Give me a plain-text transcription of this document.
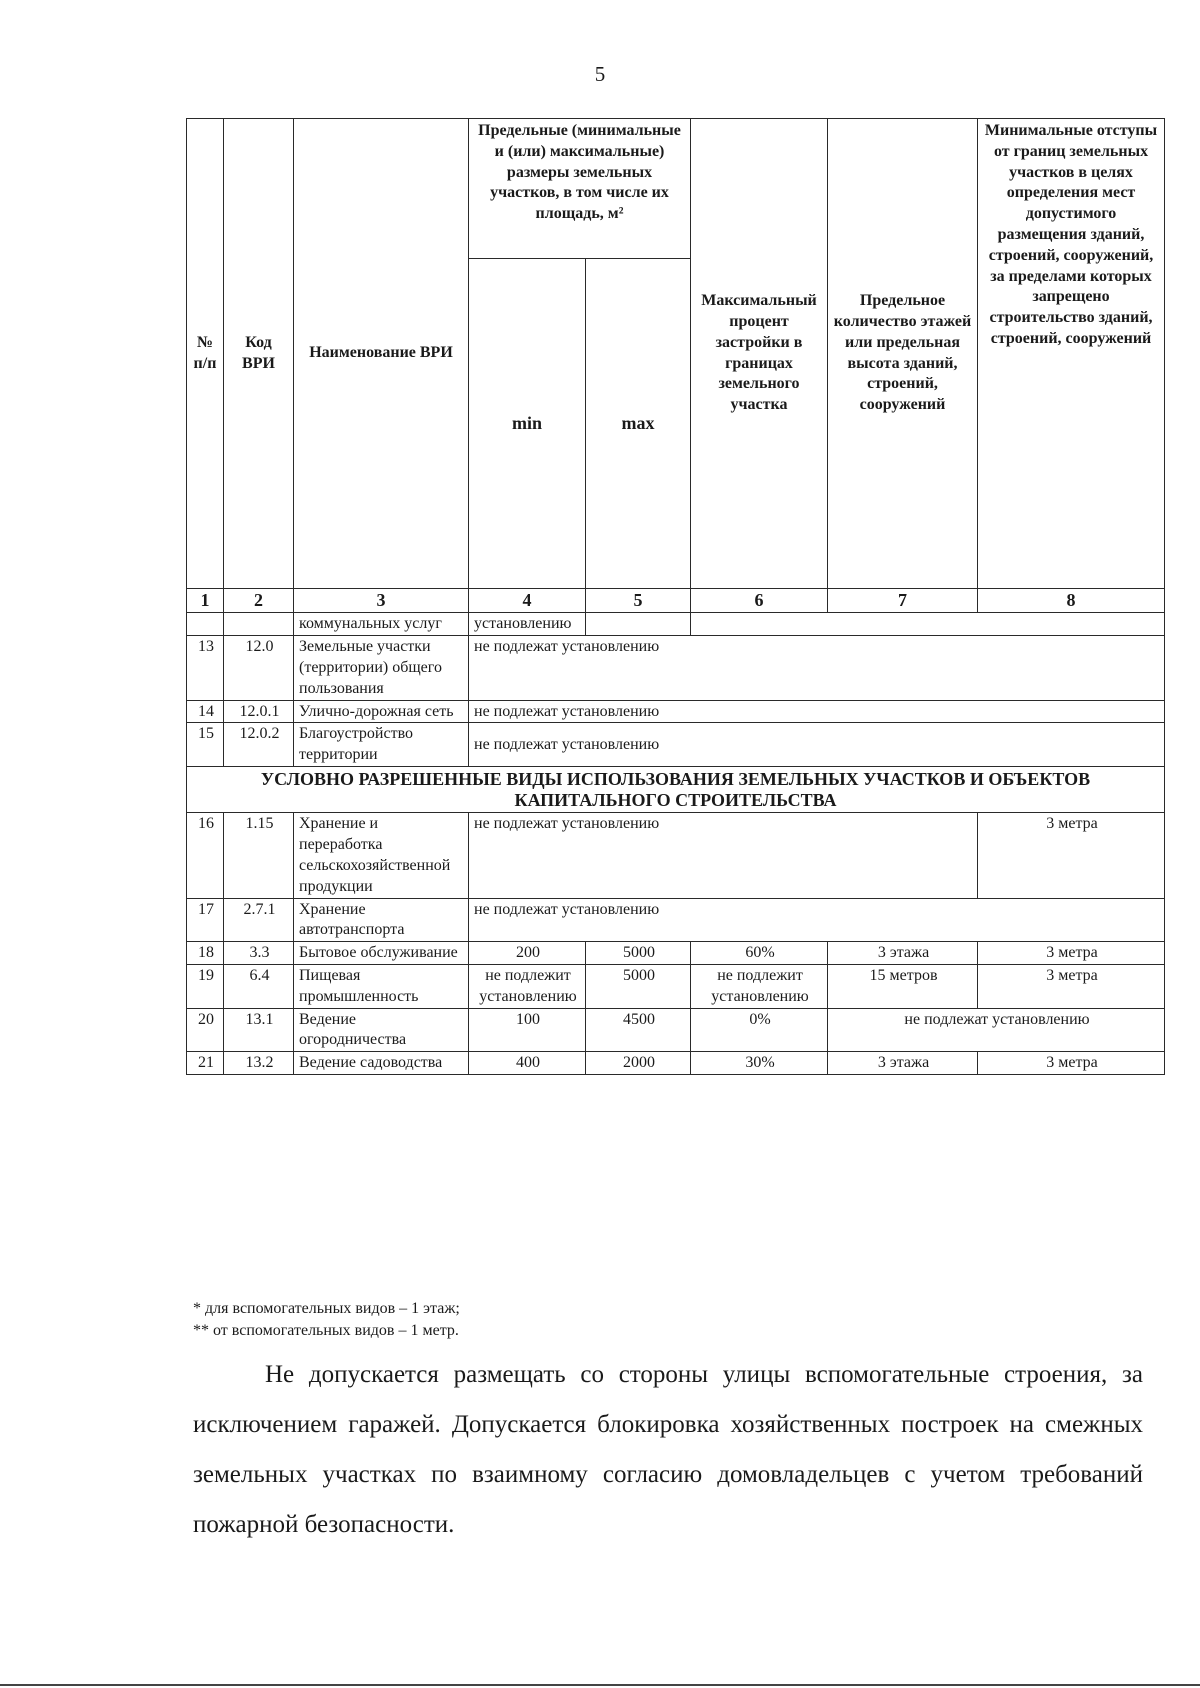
5
№ п/п	Код ВРИ	Наименование ВРИ	Предельные (минимальные и (или) максимальные) размеры земельных участков, в том числе их площадь, м²		Максимальный процент застройки в границах земельного участка	Предельное количество этажей или предельная высота зданий, строений, сооружений	Минимальные отступы от границ земельных участков в целях определения мест допустимого размещения зданий, строений, сооружений, за пределами которых запрещено строительство зданий, строений, сооружений
			min	max			
1	2	3	4	5	6	7	8
		коммунальных услуг	установлению				
13	12.0	Земельные участки (территории) общего пользования	не подлежат установлению				
14	12.0.1	Улично-дорожная сеть	не подлежат установлению				
15	12.0.2	Благоустройство территории	не подлежат установлению				
УСЛОВНО РАЗРЕШЕННЫЕ ВИДЫ ИСПОЛЬЗОВАНИЯ ЗЕМЕЛЬНЫХ УЧАСТКОВ И ОБЪЕКТОВ КАПИТАЛЬНОГО СТРОИТЕЛЬСТВА							
16	1.15	Хранение и переработка сельскохозяйственной продукции	не подлежат установлению				3 метра
17	2.7.1	Хранение автотранспорта	не подлежат установлению				
18	3.3	Бытовое обслуживание	200	5000	60%	3 этажа	3 метра
19	6.4	Пищевая промышленность	не подлежит установлению	5000	не подлежит установлению	15 метров	3 метра
20	13.1	Ведение огородничества	100	4500	0%	не подлежат установлению	
21	13.2	Ведение садоводства	400	2000	30%	3 этажа	3 метра
* для вспомогательных видов – 1 этаж;
** от вспомогательных видов – 1 метр.
Не допускается размещать со стороны улицы вспомогательные строения, за исключением гаражей. Допускается блокировка хозяйственных построек на смежных земельных участках по взаимному согласию домовладельцев с учетом требований пожарной безопасности.
